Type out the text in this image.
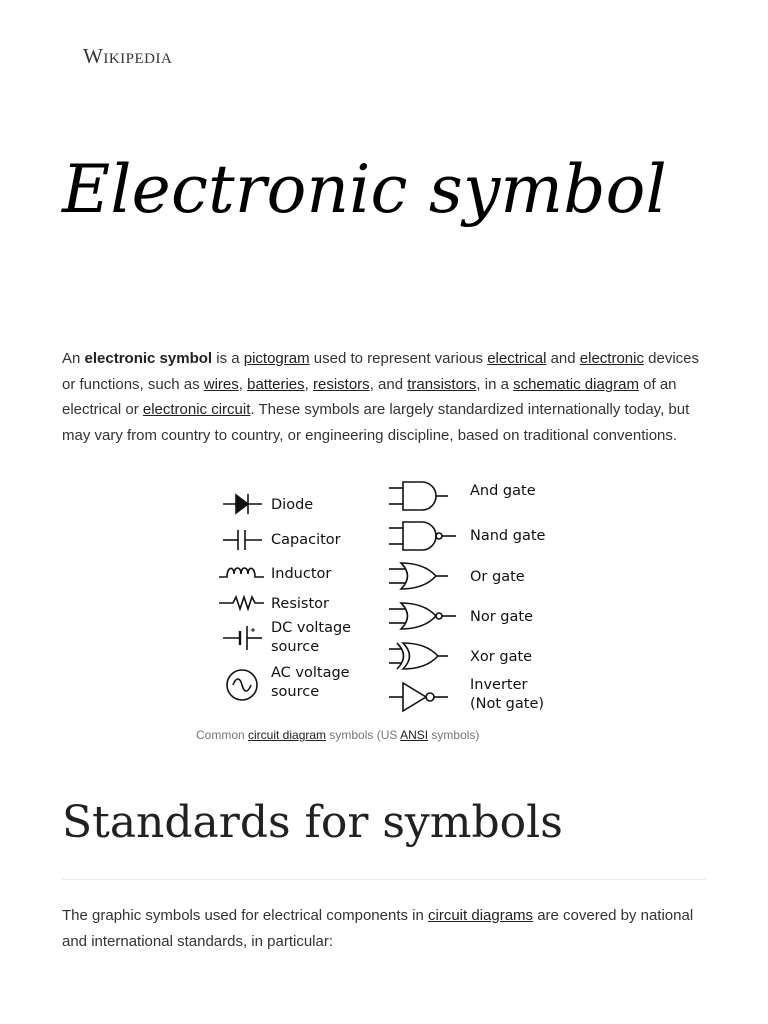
Wikipedia
Electronic symbol

An electronic symbol is a pictogram used to represent various electrical and electronic devices or functions, such as wires, batteries, resistors, and transistors, in a schematic diagram of an electrical or electronic circuit. These symbols are largely standardized internationally today, but may vary from country to country, or engineering discipline, based on traditional conventions.

Diode
Capacitor
Inductor
Resistor
DC voltage
source
AC voltage
source
And gate
Nand gate
Or gate
Nor gate
Xor gate
Inverter
(Not gate)
Common circuit diagram symbols (US ANSI symbols)
Standards for symbols

The graphic symbols used for electrical components in circuit diagrams are covered by national and international standards, in particular:
